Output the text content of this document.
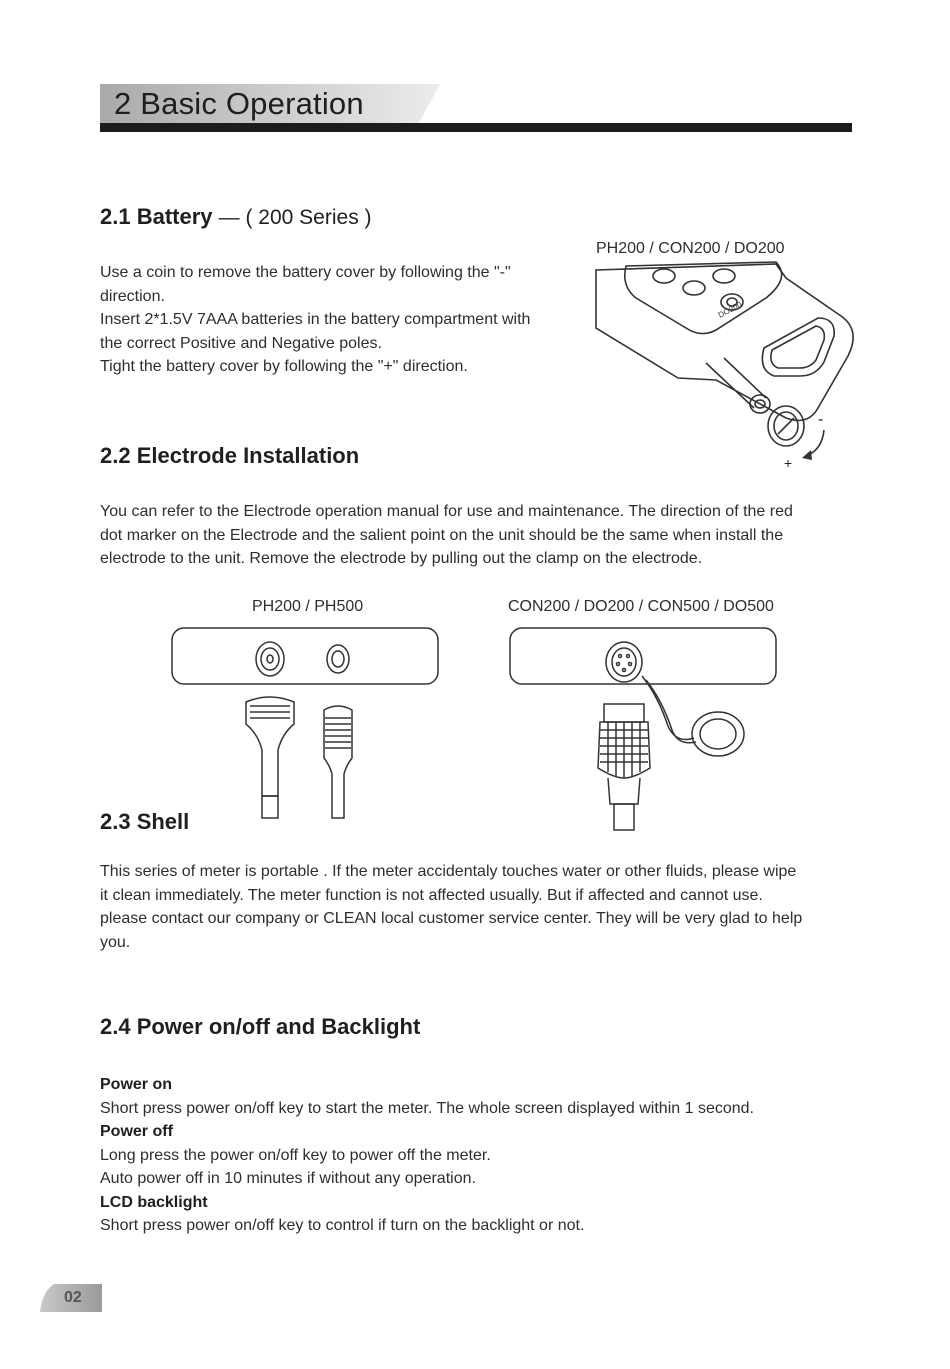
2 Basic Operation
2.1 Battery — ( 200 Series )
PH200 / CON200 / DO200

Use a coin to remove the battery cover by following the "-"
direction.
Insert 2*1.5V 7AAA batteries in the battery compartment with
the correct Positive and Negative poles.
Tight the battery cover by following the "+" direction.

DO200
-
+
2.2 Electrode Installation

You can refer to the Electrode operation manual for use and maintenance. The direction of the red
dot marker on the Electrode and the salient point on the unit should be the same when install the
electrode to the unit. Remove the electrode by pulling out the clamp on the electrode.

PH200 / PH500	CON200 / DO200 / CON500 / DO500
2.3 Shell

This series of meter is portable . If the meter accidentaly touches water or other fluids, please wipe
it clean immediately. The meter function is not affected usually. But if affected and cannot use.
please contact our company or CLEAN local customer service center. They will be very glad to help
you.

2.4 Power on/off and Backlight
Power on
Short press power on/off key to start the meter. The whole screen displayed within 1 second.
Power off
Long press the power on/off key to power off the meter.
Auto power off in 10 minutes if without any operation.
LCD backlight
Short press power on/off key to control if turn on the backlight or not.
02
